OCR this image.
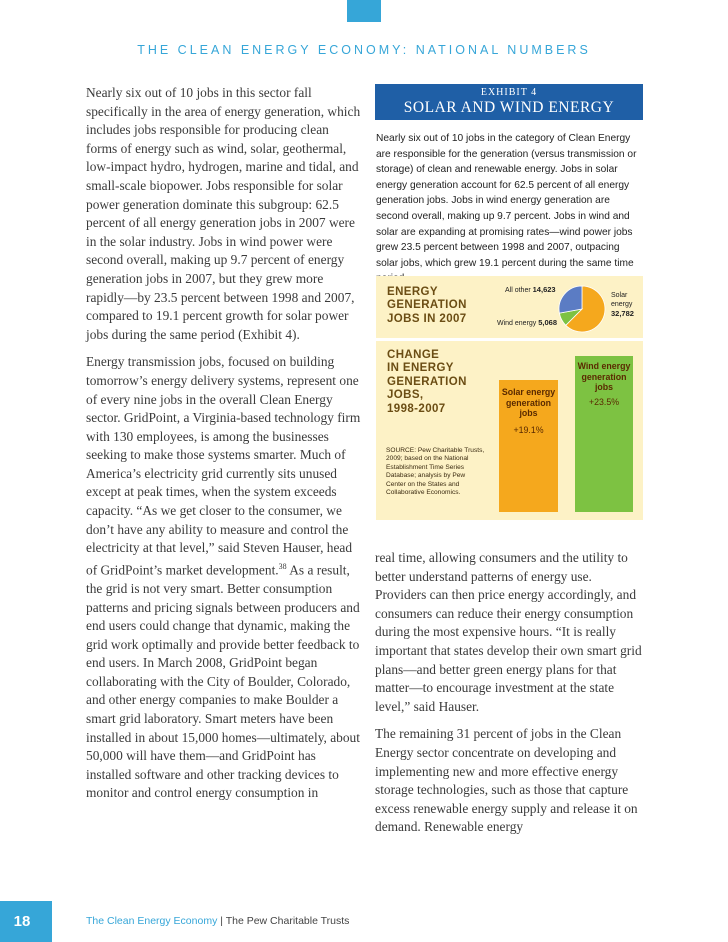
THE CLEAN ENERGY ECONOMY: NATIONAL NUMBERS

Nearly six out of 10 jobs in this sector fall specifically in the area of energy generation, which includes jobs responsible for producing clean forms of energy such as wind, solar, geothermal, low-impact hydro, hydrogen, marine and tidal, and small-scale biopower. Jobs responsible for solar power generation dominate this subgroup: 62.5 percent of all energy generation jobs in 2007 were in the solar industry. Jobs in wind power were second overall, making up 9.7 percent of energy generation jobs in 2007, but they grew more rapidly—by 23.5 percent between 1998 and 2007, compared to 19.1 percent growth for solar power jobs during the same period (Exhibit 4).

Energy transmission jobs, focused on building tomorrow’s energy delivery systems, represent one of every nine jobs in the overall Clean Energy sector. GridPoint, a Virginia-based technology firm with 130 employees, is among the businesses seeking to make those systems smarter. Much of America’s electricity grid currently sits unused except at peak times, when the system exceeds capacity. “As we get closer to the consumer, we don’t have any ability to measure and control the electricity at that level,” said Steven Hauser, head of GridPoint’s market development.$^{38}$ As a result, the grid is not very smart. Better consumption patterns and pricing signals between producers and end users could change that dynamic, making the grid work optimally and provide better feedback to end users. In March 2008, GridPoint began collaborating with the City of Boulder, Colorado, and other energy companies to make Boulder a smart grid laboratory. Smart meters have been installed in about 15,000 homes—ultimately, about 50,000 will have them—and GridPoint has installed software and other tracking devices to monitor and control energy consumption in

EXHIBIT 4
SOLAR AND WIND ENERGY
Nearly six out of 10 jobs in the category of Clean Energy are responsible for the generation (versus transmission or storage) of clean and renewable energy. Jobs in solar energy generation account for 62.5 percent of all energy generation jobs. Jobs in wind energy generation are second overall, making up 9.7 percent. Jobs in wind and solar are expanding at promising rates—wind power jobs grew 23.5 percent between 1998 and 2007, outpacing solar jobs, which grew 19.1 percent during the same time
ENERGY
GENERATION
JOBS IN 2007
All other 14,623
Wind energy 5,068
Solar energy
32,782
CHANGE
IN ENERGY
GENERATION
JOBS,
1998-2007
SOURCE: Pew Charitable Trusts, 2009; based on the National Establishment Time Series Database; analysis by Pew Center on the States and Collaborative Economics.
Solar energy generation jobs
+19.1%
Wind energy generation jobs
+23.5%

real time, allowing consumers and the utility to better understand patterns of energy use. Providers can then price energy accordingly, and consumers can reduce their energy consumption during the most expensive hours. “It is really important that states develop their own smart grid plans—and better green energy plans for that matter—to encourage investment at the state level,” said Hauser.

The remaining 31 percent of jobs in the Clean Energy sector concentrate on developing and implementing new and more effective energy storage technologies, such as those that capture excess renewable energy supply and release it on demand. Renewable energy

18	The Clean Energy Economy | The Pew Charitable Trusts
